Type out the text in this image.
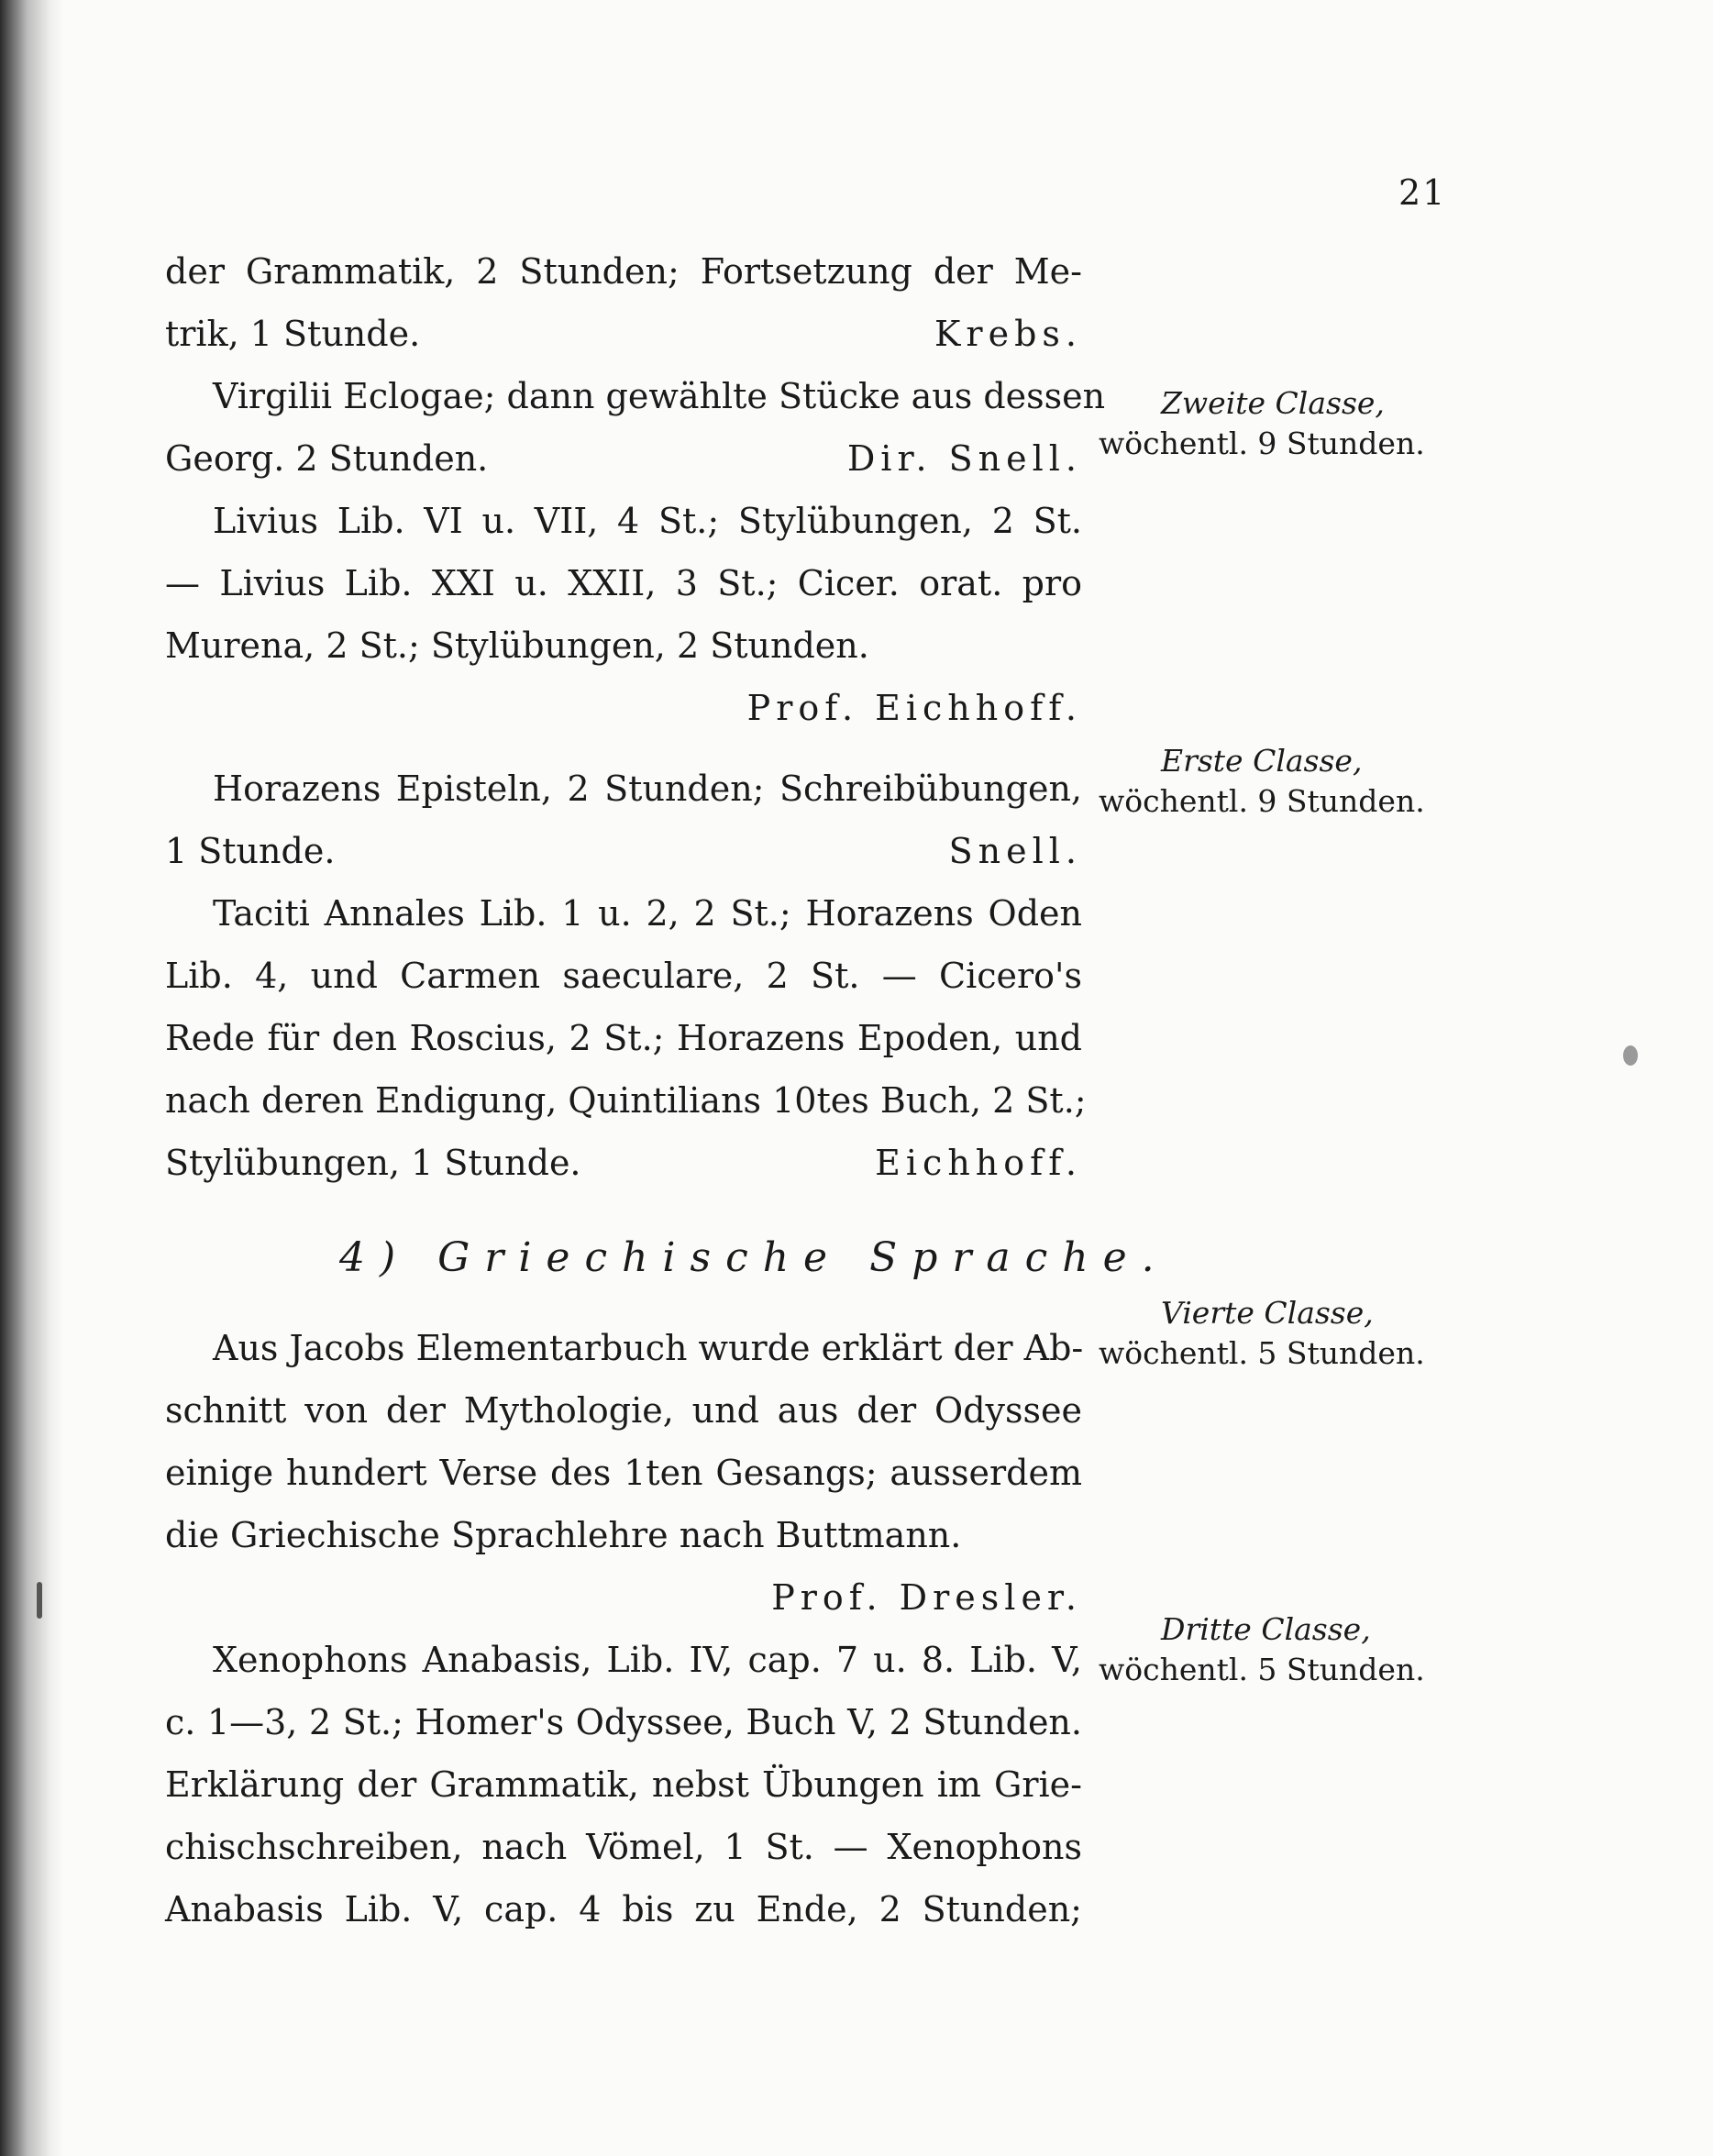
21

der Grammatik, 2 Stunden; Fortsetzung der Me-
trik, 1 Stunde.	Krebs.

Virgilii Eclogae; dann gewählte Stücke aus dessen
Georg. 2 Stunden.	Dir. Snell.

Livius Lib. VI u. VII, 4 St.; Stylübungen, 2 St.
— Livius Lib. XXI u. XXII, 3 St.; Cicer. orat. pro
Murena, 2 St.; Stylübungen, 2 Stunden.
Prof. Eichhoff.

Horazens Episteln, 2 Stunden; Schreibübungen,
1 Stunde.	Snell.

Taciti Annales Lib. 1 u. 2, 2 St.; Horazens Oden
Lib. 4, und Carmen saeculare, 2 St. — Cicero's
Rede für den Roscius, 2 St.; Horazens Epoden, und
nach deren Endigung, Quintilians 10tes Buch, 2 St.;
Stylübungen, 1 Stunde.	Eichhoff.

4) Griechische Sprache.

Aus Jacobs Elementarbuch wurde erklärt der Ab-
schnitt von der Mythologie, und aus der Odyssee
einige hundert Verse des 1ten Gesangs; ausserdem
die Griechische Sprachlehre nach Buttmann.
Prof. Dresler.

Xenophons Anabasis, Lib. IV, cap. 7 u. 8. Lib. V,
c. 1—3, 2 St.; Homer's Odyssee, Buch V, 2 Stunden.
Erklärung der Grammatik, nebst Übungen im Grie-
chischschreiben, nach Vömel, 1 St. — Xenophons
Anabasis Lib. V, cap. 4 bis zu Ende, 2 Stunden;

Zweite Classe,
wöchentl. 9 Stunden.
Erste Classe,
wöchentl. 9 Stunden.
Vierte Classe,
wöchentl. 5 Stunden.
Dritte Classe,
wöchentl. 5 Stunden.
